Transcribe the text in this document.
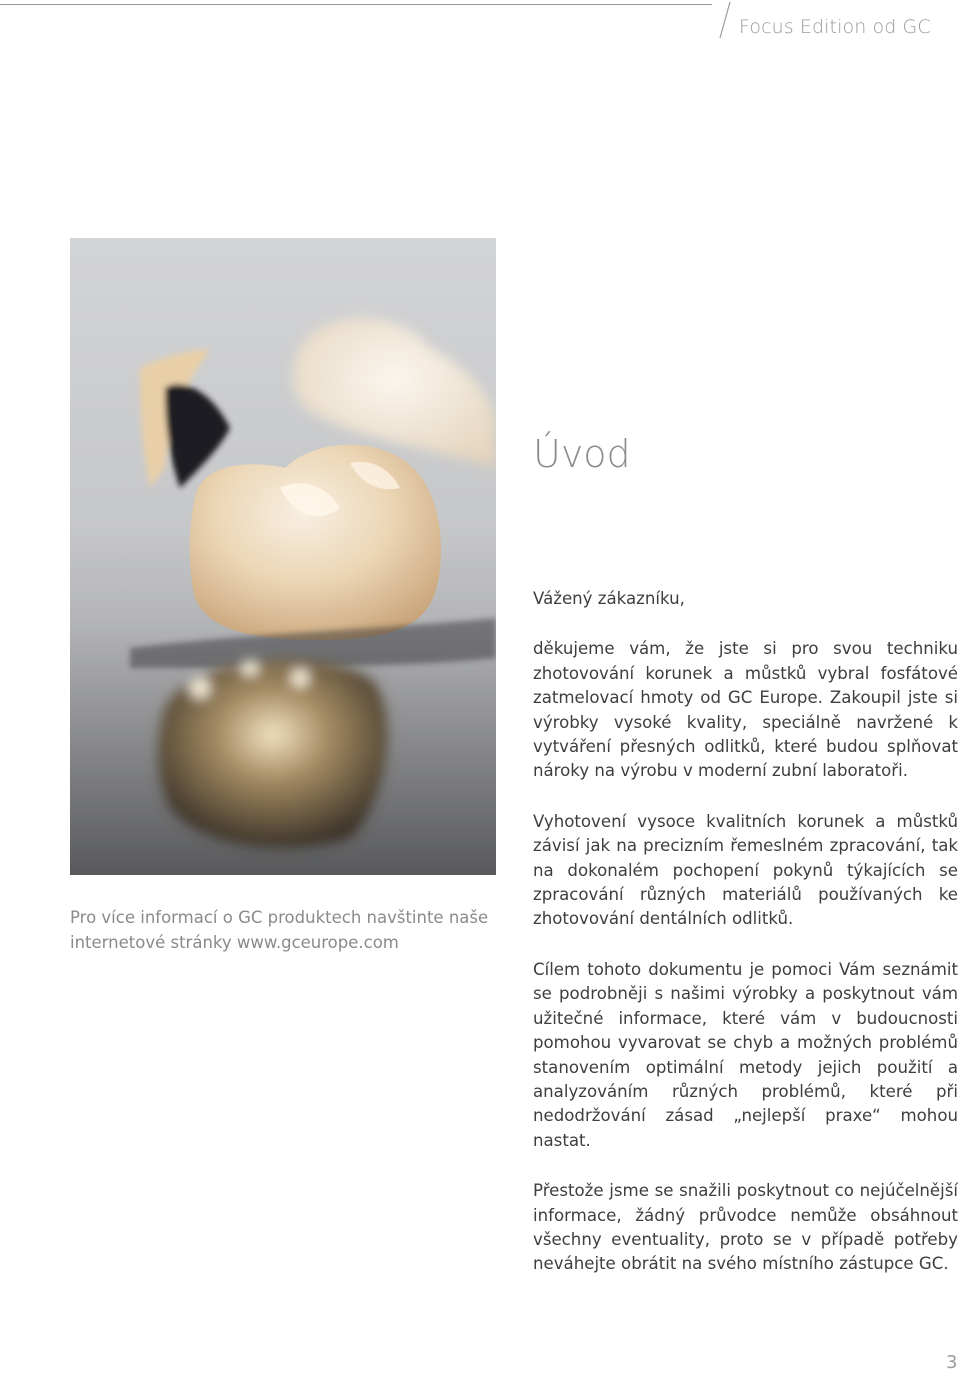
Focus Edition od GC
Pro více informací o GC produktech navštinte naše internetové stránky www.gceurope.com
Úvod

Vážený zákazníku,

děkujeme vám, že jste si pro svou techniku zhotovování korunek a můstků vybral fosfátové zatmelovací hmoty od GC Europe. Zakoupil jste si výrobky vysoké kvality, speciálně navržené k vytváření přesných odlitků, které budou splňovat nároky na výrobu v moderní zubní laboratoři.

Vyhotovení vysoce kvalitních korunek a můstků závisí jak na precizním řemeslném zpracování, tak na dokonalém pochopení pokynů týkajících se zpracování různých materiálů používaných ke zhotovování dentálních odlitků.

Cílem tohoto dokumentu je pomoci Vám seznámit se podrobněji s našimi výrobky a poskytnout vám užitečné informace, které vám v budoucnosti pomohou vyvarovat se chyb a možných problémů stanovením optimální metody jejich použití a analyzováním různých problémů, které při nedodržování zásad „nejlepší praxe“ mohou nastat.

Přestože jsme se snažili poskytnout co nejúčelnější informace, žádný průvodce nemůže obsáhnout všechny eventuality, proto se v případě potřeby neváhejte obrátit na svého místního zástupce GC.

3
